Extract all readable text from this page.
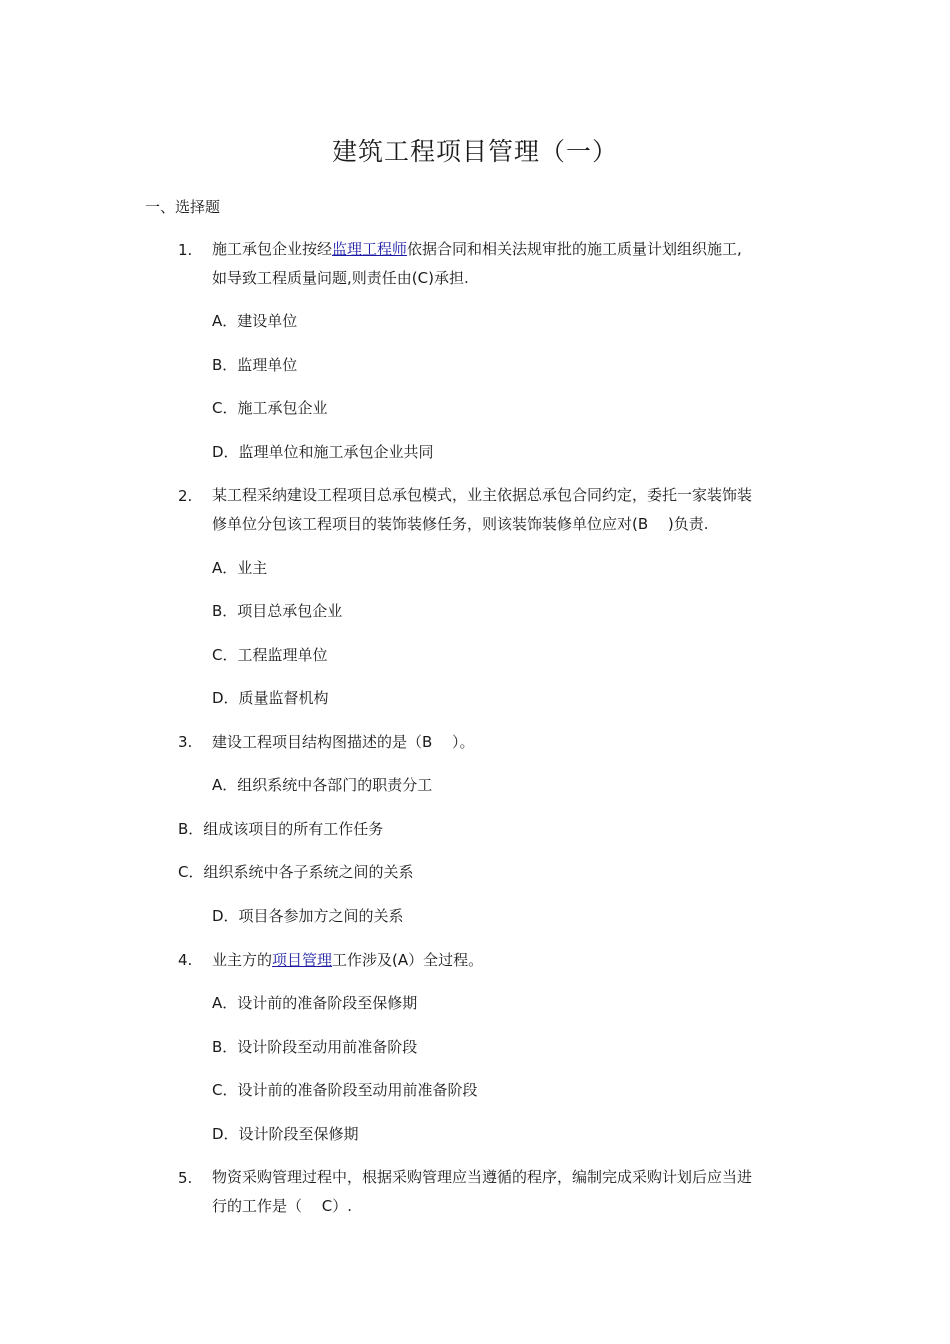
建筑工程项目管理（一）
一、选择题
1. 施工承包企业按经监理工程师依据合同和相关法规审批的施工质量计划组织施工,
如导致工程质量问题,则责任由(C)承担.
A．建设单位
B．监理单位
C．施工承包企业
D．监理单位和施工承包企业共同
2. 某工程采纳建设工程项目总承包模式，业主依据总承包合同约定，委托一家装饰装
修单位分包该工程项目的装饰装修任务，则该装饰装修单位应对(B　 )负责.
A．业主
B．项目总承包企业
C．工程监理单位
D．质量监督机构
3. 建设工程项目结构图描述的是（B　 ）。
A．组织系统中各部门的职责分工
B．组成该项目的所有工作任务
C．组织系统中各子系统之间的关系
D．项目各参加方之间的关系
4. 业主方的项目管理工作涉及(A）全过程。
A．设计前的准备阶段至保修期
B．设计阶段至动用前准备阶段
C．设计前的准备阶段至动用前准备阶段
D．设计阶段至保修期
5. 物资采购管理过程中，根据采购管理应当遵循的程序，编制完成采购计划后应当进
行的工作是（　 C）.
